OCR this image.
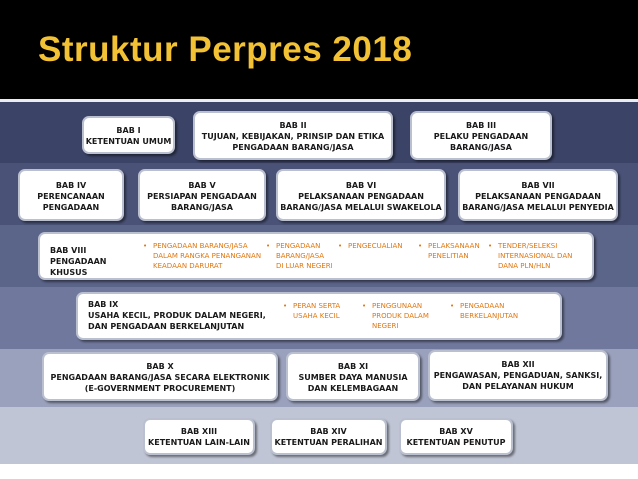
Struktur Perpres 2018
BAB I
KETENTUAN UMUM
BAB II
TUJUAN, KEBIJAKAN, PRINSIP DAN ETIKA
PENGADAAN BARANG/JASA
BAB III
PELAKU PENGADAAN
BARANG/JASA
BAB IV
PERENCANAAN
PENGADAAN
BAB V
PERSIAPAN PENGADAAN
BARANG/JASA
BAB VI
PELAKSANAAN PENGADAAN
BARANG/JASA MELALUI SWAKELOLA
BAB VII
PELAKSANAAN PENGADAAN
BARANG/JASA MELALUI PENYEDIA
BAB VIII
PENGADAAN KHUSUS
• PENGADAAN BARANG/JASA
DALAM RANGKA PENANGANAN
KEADAAN DARURAT
• PENGADAAN
BARANG/JASA
DI LUAR NEGERI
• PENGECUALIAN	• PELAKSANAAN
PENELITIAN
• TENDER/SELEKSI
INTERNASIONAL DAN
DANA PLN/HLN
BAB IX
USAHA KECIL, PRODUK DALAM NEGERI,
DAN PENGADAAN BERKELANJUTAN
• PERAN SERTA
USAHA KECIL
• PENGGUNAAN
PRODUK DALAM
NEGERI
• PENGADAAN
BERKELANJUTAN
BAB X
PENGADAAN BARANG/JASA SECARA ELEKTRONIK
(E-GOVERNMENT PROCUREMENT)
BAB XI
SUMBER DAYA MANUSIA
DAN KELEMBAGAAN
BAB XII
PENGAWASAN, PENGADUAN, SANKSI,
DAN PELAYANAN HUKUM
BAB XIII
KETENTUAN LAIN-LAIN
BAB XIV
KETENTUAN PERALIHAN
BAB XV
KETENTUAN PENUTUP
